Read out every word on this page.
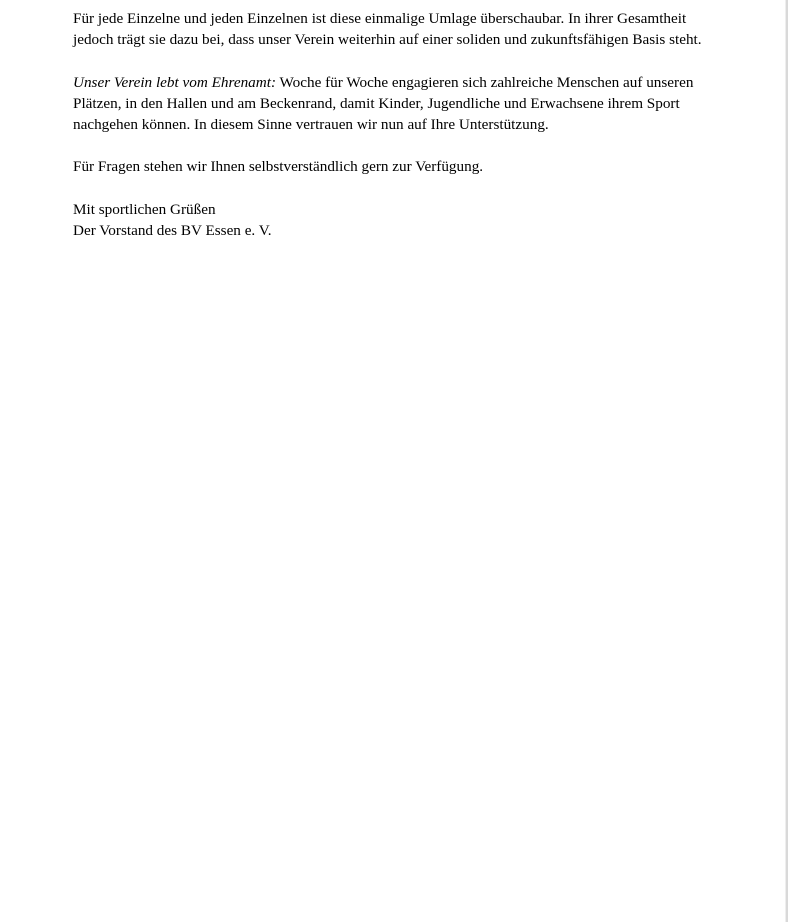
Für jede Einzelne und jeden Einzelnen ist diese einmalige Umlage überschaubar. In ihrer Gesamtheit
jedoch trägt sie dazu bei, dass unser Verein weiterhin auf einer soliden und zukunftsfähigen Basis steht.

Unser Verein lebt vom Ehrenamt: Woche für Woche engagieren sich zahlreiche Menschen auf unseren
Plätzen, in den Hallen und am Beckenrand, damit Kinder, Jugendliche und Erwachsene ihrem Sport
nachgehen können. In diesem Sinne vertrauen wir nun auf Ihre Unterstützung.

Für Fragen stehen wir Ihnen selbstverständlich gern zur Verfügung.

Mit sportlichen Grüßen
Der Vorstand des BV Essen e. V.
